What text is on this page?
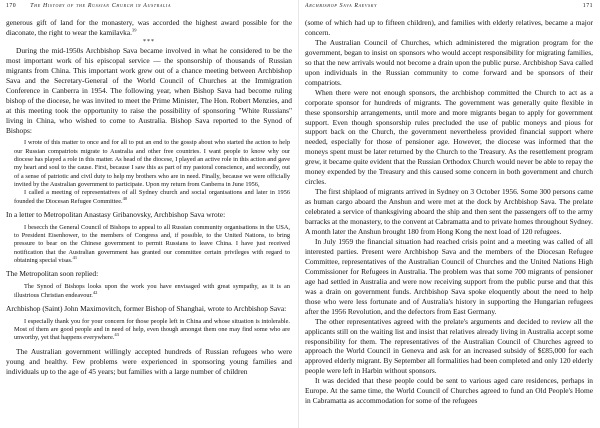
170 The History of the Russian Church in Australia

generous gift of land for the monastery, was accorded the highest award possible for the diaconate, the right to wear the kamilavka.$^{39}$

***

During the mid-1950s Archbishop Sava became involved in what he considered to be the most important work of his episcopal service — the sponsorship of thousands of Russian migrants from China. This important work grew out of a chance meeting between Archbishop Sava and the Secretary-General of the World Council of Churches at the Immigration Conference in Canberra in 1954. The following year, when Bishop Sava had become ruling bishop of the diocese, he was invited to meet the Prime Minister, The Hon. Robert Menzies, and at this meeting took the opportunity to raise the possibility of sponsoring "White Russians" living in China, who wished to come to Australia. Bishop Sava reported to the Synod of Bishops:

I wrote of this matter to once and for all to put an end to the gossip about who started the action to help our Russian compatriots migrate to Australia and other free countries. I want people to know why our diocese has played a role in this matter. As head of the diocese, I played an active role in this action and gave my heart and soul to the cause. First, because I saw this as part of my pastoral conscience, and secondly, out of a sense of patriotic and civil duty to help my brothers who are in need. Finally, because we were officially invited by the Australian government to participate. Upon my return from Canberra in June 1956,

I called a meeting of representatives of all Sydney church and social organisations and later in 1956 founded the Diocesan Refugee Committee.$^{40}$

In a letter to Metropolitan Anastasy Gribanovsky, Archbishop Sava wrote:

I besecch the General Council of Bishops to appeal to all Russian community organisations in the USA, to President Eisenhower, to the members of Congress and, if possible, to the United Nations, to bring pressure to bear on the Chinese government to permit Russians to leave China. I have just received notification that the Australian government has granted our committee certain privileges with regard to obtaining special visas.$^{41}$

The Metropolitan soon replied:

The Synod of Bishops looks upon the work you have envisaged with great sympathy, as it is an illustrious Christian endeavour.$^{42}$

Archbishop (Saint) John Maximovitch, former Bishop of Shanghai, wrote to Archbishop Sava:

I especially thank you for your concern for those people left in China and whose situation is intolerable. Most of them are good people and in need of help, even though amongst them one may find some who are unworthy, yet that happens everywhere.$^{43}$

The Australian government willingly accepted hundreds of Russian refugees who were young and healthy. Few problems were experienced in sponsoring young families and individuals up to the age of 45 years; but families with a large number of children

Archbishop Sava Raevsky	171

(some of which had up to fifteen children), and families with elderly relatives, became a major concern.

The Australian Council of Churches, which administered the migration program for the government, began to insist on sponsors who would accept responsibility for migrating families, so that the new arrivals would not become a drain upon the public purse. Archbishop Sava called upon individuals in the Russian community to come forward and be sponsors of their compatriots.

When there were not enough sponsors, the archbishop committed the Church to act as a corporate sponsor for hundreds of migrants. The government was generally quite flexible in these sponsorship arrangements, until more and more migrants began to apply for government support. Even though sponsorship rules precluded the use of public moneys and pious for support back on the Church, the government nevertheless provided financial support where needed, especially for those of pensioner age. However, the diocese was informed that the moneys spent must be later returned by the Church to the Treasury. As the resettlement program grew, it became quite evident that the Russian Orthodox Church would never be able to repay the money expended by the Treasury and this caused some concern in both government and church circles.

The first shiplaod of migrants arrived in Sydney on 3 October 1956. Some 300 persons came as human cargo aboard the Anshun and were met at the dock by Archbishop Sava. The prelate celebrated a service of thanksgiving aboard the ship and then sent the passengers off to the army barracks at the monastery, to the convent at Cabramatta and to private homes throughout Sydney. A month later the Anshun brought 180 from Hong Kong the next load of 120 refugees.

In July 1959 the financial situation had reached crisis point and a meeting was called of all interested parties. Present were Archbishop Sava and the members of the Diocesan Refugee Committee, representatives of the Australian Council of Churches and the United Nations High Commissioner for Refugees in Australia. The problem was that some 700 migrants of pensioner age had settled in Australia and were now receiving support from the public purse and that this was a drain on government funds. Archbishop Sava spoke eloquently about the need to help those who were less fortunate and of Australia's history in supporting the Hungarian refugees after the 1956 Revolution, and the defectors from East Germany.

The other representatives agreed with the prelate's arguments and decided to review all the applicants still on the waiting list and insist that relatives already living in Australia accept some responsibility for them. The representatives of the Australian Council of Churches agreed to approach the World Council in Geneva and ask for an increased subsidy of $£85,000 for each approved elderly migrant. By September all formalities had been completed and only 120 elderly people were left in Harbin without sponsors.

It was decided that these people could be sent to various aged care residences, perhaps in Europe. At the same time, the World Council of Churches agreed to fund an Old People's Home in Cabramatta as accommodation for some of the refugees
